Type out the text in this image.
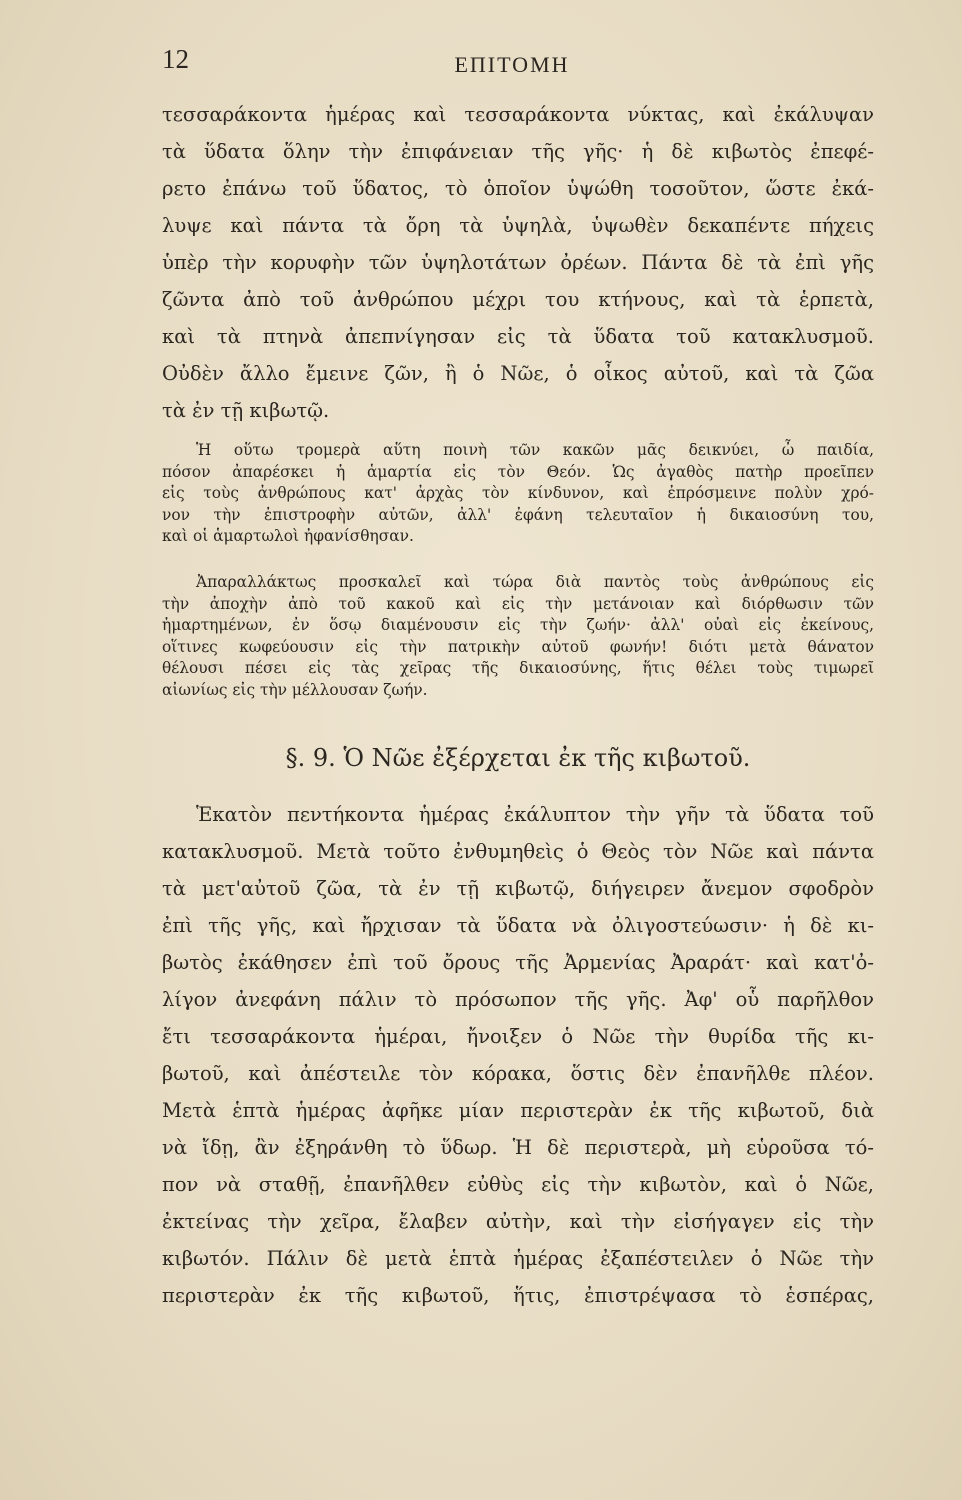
12	ΕΠΙΤΟΜΗ

τεσσαράκοντα ἡμέρας καὶ τεσσαράκοντα νύκτας, καὶ ἐκάλυψαν
τὰ ὕδατα ὅλην τὴν ἐπιφάνειαν τῆς γῆς· ἡ δὲ κιβωτὸς ἐπεφέ-
ρετο ἐπάνω τοῦ ὕδατος, τὸ ὁποῖον ὑψώθη τοσοῦτον, ὥστε ἐκά-
λυψε καὶ πάντα τὰ ὄρη τὰ ὑψηλὰ, ὑψωθὲν δεκαπέντε πήχεις
ὑπὲρ τὴν κορυφὴν τῶν ὑψηλοτάτων ὀρέων. Πάντα δὲ τὰ ἐπὶ γῆς
ζῶντα ἀπὸ τοῦ ἀνθρώπου μέχρι του κτήνους, καὶ τὰ ἑρπετὰ,
καὶ τὰ πτηνὰ ἀπεπνίγησαν εἰς τὰ ὕδατα τοῦ κατακλυσμοῦ.
Οὐδὲν ἄλλο ἔμεινε ζῶν, ἢ ὁ Νῶε, ὁ οἶκος αὐτοῦ, καὶ τὰ ζῶα
τὰ ἐν τῇ κιβωτῷ.

Ἡ οὕτω τρομερὰ αὕτη ποινὴ τῶν κακῶν μᾶς δεικνύει, ὦ παιδία,
πόσον ἀπαρέσκει ἡ ἁμαρτία εἰς τὸν Θεόν. Ὡς ἀγαθὸς πατὴρ προεῖπεν
εἰς τοὺς ἀνθρώπους κατ' ἀρχὰς τὸν κίνδυνον, καὶ ἐπρόσμεινε πολὺν χρό-
νον τὴν ἐπιστροφὴν αὐτῶν, ἀλλ' ἐφάνη τελευταῖον ἡ δικαιοσύνη του,
καὶ οἱ ἁμαρτωλοὶ ἠφανίσθησαν.

Ἀπαραλλάκτως προσκαλεῖ καὶ τώρα διὰ παντὸς τοὺς ἀνθρώπους εἰς
τὴν ἀποχὴν ἀπὸ τοῦ κακοῦ καὶ εἰς τὴν μετάνοιαν καὶ διόρθωσιν τῶν
ἡμαρτημένων, ἐν ὅσῳ διαμένουσιν εἰς τὴν ζωήν· ἀλλ' οὐαὶ εἰς ἐκείνους,
οἵτινες κωφεύουσιν εἰς τὴν πατρικὴν αὐτοῦ φωνήν! διότι μετὰ θάνατον
θέλουσι πέσει εἰς τὰς χεῖρας τῆς δικαιοσύνης, ἥτις θέλει τοὺς τιμωρεῖ
αἰωνίως εἰς τὴν μέλλουσαν ζωήν.

§. 9. Ὁ Νῶε ἐξέρχεται ἐκ τῆς κιβωτοῦ.

Ἑκατὸν πεντήκοντα ἡμέρας ἐκάλυπτον τὴν γῆν τὰ ὕδατα τοῦ
κατακλυσμοῦ. Μετὰ τοῦτο ἐνθυμηθεὶς ὁ Θεὸς τὸν Νῶε καὶ πάντα
τὰ μετ'αὐτοῦ ζῶα, τὰ ἐν τῇ κιβωτῷ, διήγειρεν ἄνεμον σφοδρὸν
ἐπὶ τῆς γῆς, καὶ ἤρχισαν τὰ ὕδατα νὰ ὀλιγοστεύωσιν· ἡ δὲ κι-
βωτὸς ἐκάθησεν ἐπὶ τοῦ ὄρους τῆς Ἀρμενίας Ἀραράτ· καὶ κατ'ὀ-
λίγον ἀνεφάνη πάλιν τὸ πρόσωπον τῆς γῆς. Ἀφ' οὗ παρῆλθον
ἔτι τεσσαράκοντα ἡμέραι, ἤνοιξεν ὁ Νῶε τὴν θυρίδα τῆς κι-
βωτοῦ, καὶ ἀπέστειλε τὸν κόρακα, ὅστις δὲν ἐπανῆλθε πλέον.
Μετὰ ἑπτὰ ἡμέρας ἀφῆκε μίαν περιστερὰν ἐκ τῆς κιβωτοῦ, διὰ
νὰ ἴδῃ, ἂν ἐξηράνθη τὸ ὕδωρ. Ἡ δὲ περιστερὰ, μὴ εὑροῦσα τό-
πον νὰ σταθῇ, ἐπανῆλθεν εὐθὺς εἰς τὴν κιβωτὸν, καὶ ὁ Νῶε,
ἐκτείνας τὴν χεῖρα, ἔλαβεν αὐτὴν, καὶ τὴν εἰσήγαγεν εἰς τὴν
κιβωτόν. Πάλιν δὲ μετὰ ἑπτὰ ἡμέρας ἐξαπέστειλεν ὁ Νῶε τὴν
περιστερὰν ἐκ τῆς κιβωτοῦ, ἥτις, ἐπιστρέψασα τὸ ἑσπέρας,
